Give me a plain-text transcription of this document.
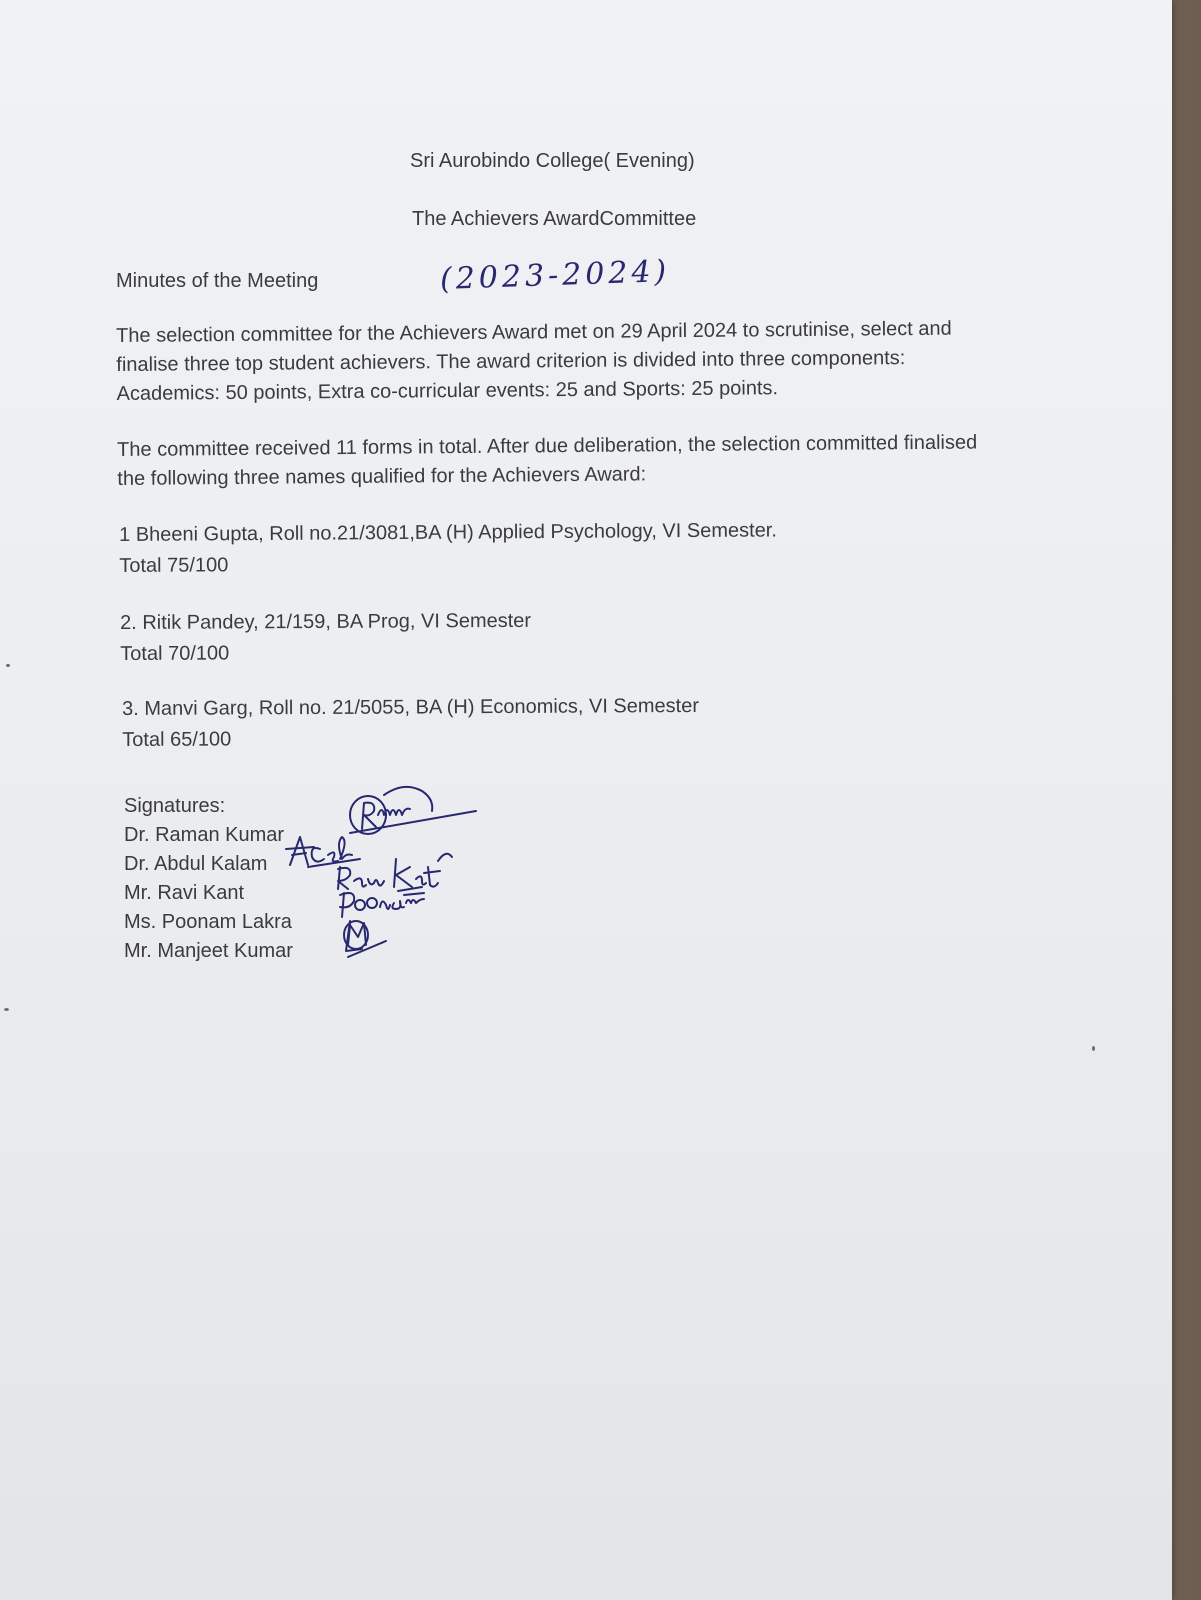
Sri Aurobindo College( Evening)

The Achievers AwardCommittee

(2023-2024)

Minutes of the Meeting

The selection committee for the Achievers Award met on 29 April 2024 to scrutinise, select and finalise three top student achievers. The award criterion is divided into three components: Academics: 50 points, Extra co-curricular events: 25 and Sports: 25 points.

The committee received 11 forms in total. After due deliberation, the selection committed finalised the following three names qualified for the Achievers Award:

1 Bheeni Gupta, Roll no.21/3081,BA (H) Applied Psychology, VI Semester.
Total 75/100
2. Ritik Pandey, 21/159, BA Prog, VI Semester
Total 70/100
3. Manvi Garg, Roll no. 21/5055, BA (H) Economics, VI Semester
Total 65/100
Signatures:
Dr. Raman Kumar
Dr. Abdul Kalam
Mr. Ravi Kant
Ms. Poonam Lakra
Mr. Manjeet Kumar
